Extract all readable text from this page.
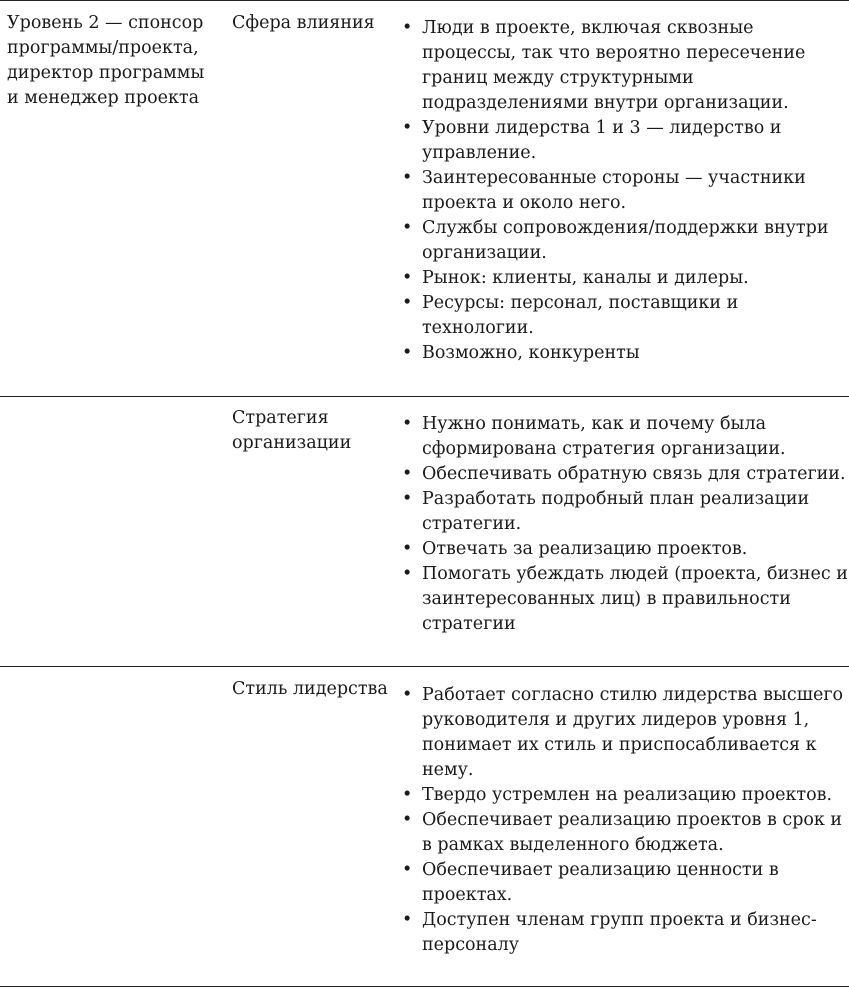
Уровень 2 — спонсор программы/проекта, директор программы и менеджер проекта
Сфера влияния	• Люди в проекте, включая сквозные процессы, так что вероятно пересечение границ между структурными подразделениями внутри организации.
• Уровни лидерства 1 и 3 — лидерство и управление.
• Заинтересованные стороны — участники проекта и около него.
• Службы сопровождения/поддержки внутри организации.
• Рынок: клиенты, каналы и дилеры.
• Ресурсы: персонал, поставщики и технологии.
• Возможно, конкуренты
Стратегия организации
• Нужно понимать, как и почему была сформирована стратегия организации.
• Обеспечивать обратную связь для стратегии.
• Разработать подробный план реализации стратегии.
• Отвечать за реализацию проектов.
• Помогать убеждать людей (проекта, бизнес и заинтересованных лиц) в правильности стратегии
Стиль лидерства • Работает согласно стилю лидерства высшего руководителя и других лидеров уровня 1, понимает их стиль и приспосабливается к нему.
• Твердо устремлен на реализацию проектов.
• Обеспечивает реализацию проектов в срок и в рамках выделенного бюджета.
• Обеспечивает реализацию ценности в проектах.
• Доступен членам групп проекта и бизнес-персоналу
